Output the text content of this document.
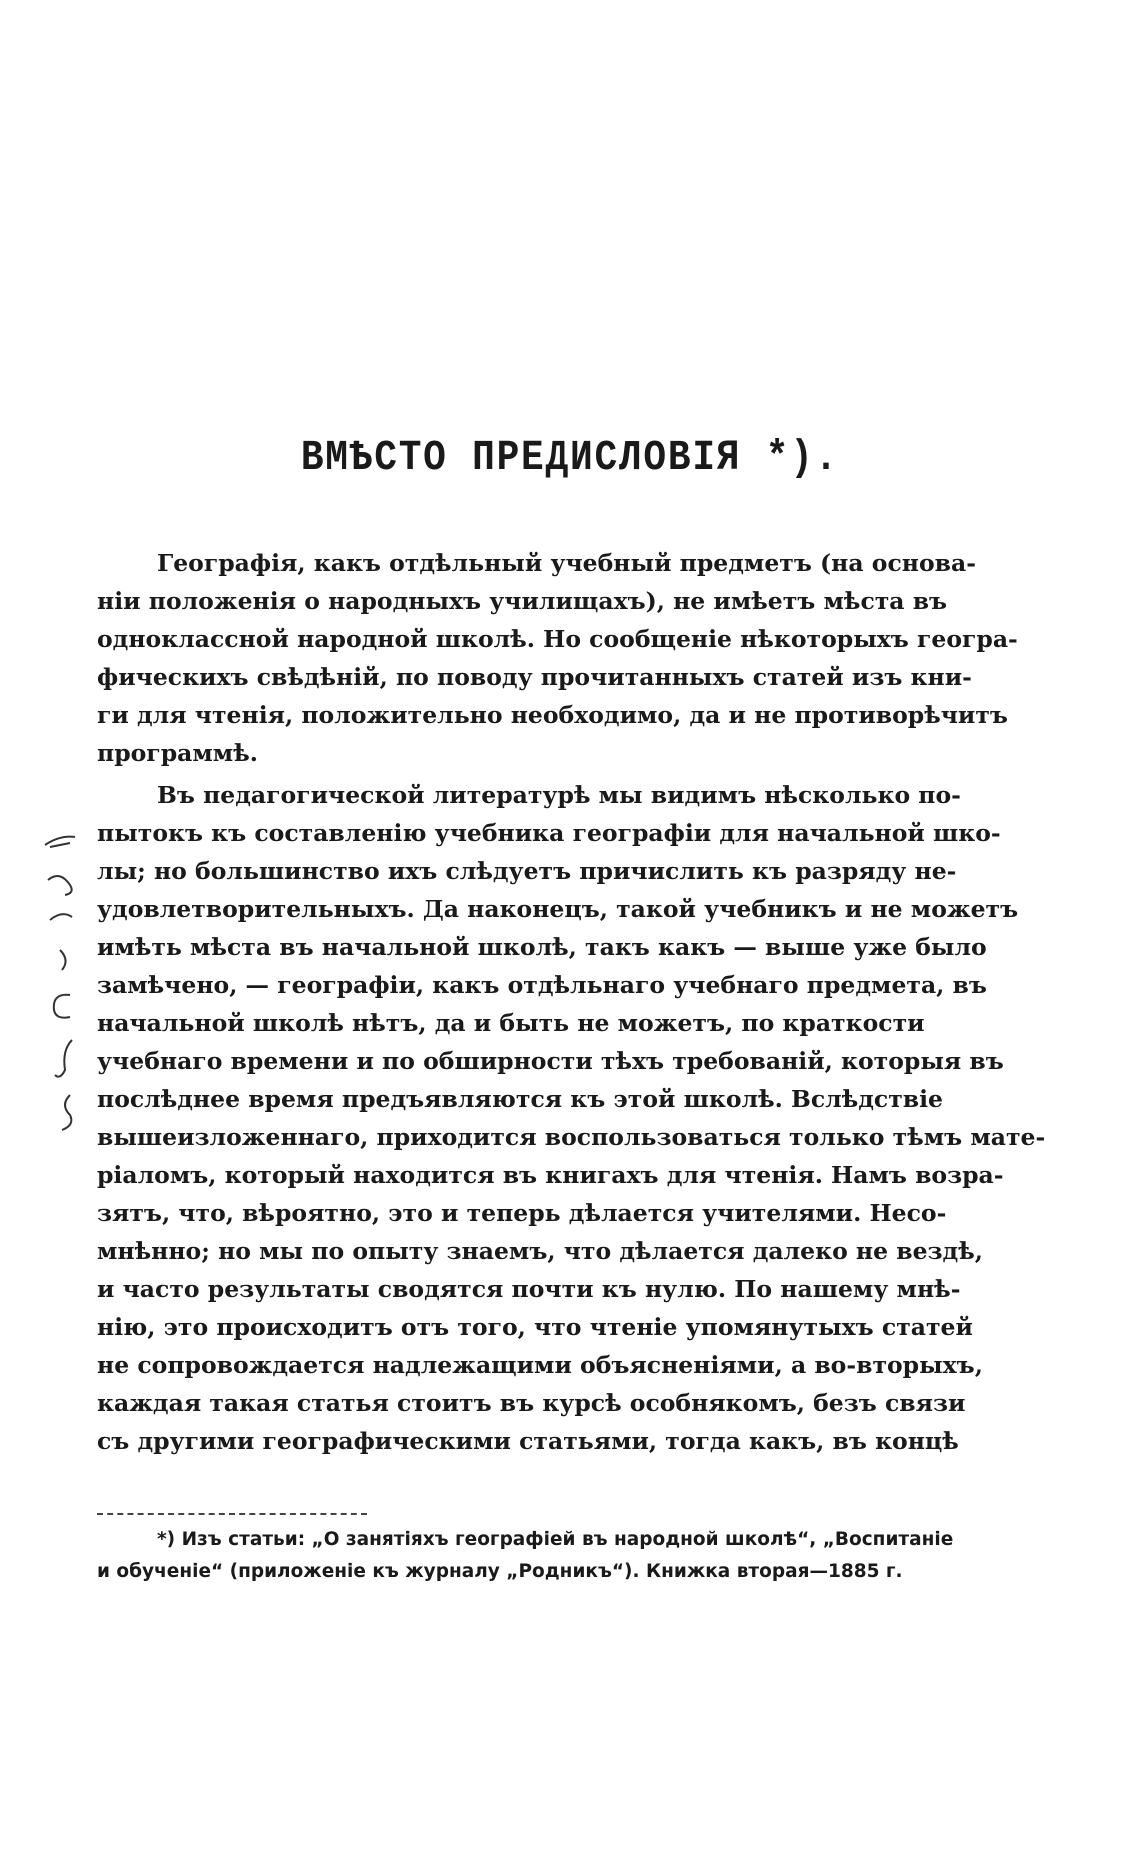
ВМѢСТО ПРЕДИСЛОВІЯ *).
Географія, какъ отдѣльный учебный предметъ (на основа-
ніи положенія о народныхъ училищахъ), не имѣетъ мѣста въ
одноклассной народной школѣ. Но сообщеніе нѣкоторыхъ геогра-
фическихъ свѣдѣній, по поводу прочитанныхъ статей изъ кни-
ги для чтенія, положительно необходимо, да и не противорѣчитъ
программѣ.
Въ педагогической литературѣ мы видимъ нѣсколько по-
пытокъ къ составленію учебника географіи для начальной шко-
лы; но большинство ихъ слѣдуетъ причислить къ разряду не-
удовлетворительныхъ. Да наконецъ, такой учебникъ и не можетъ
имѣть мѣста въ начальной школѣ, такъ какъ — выше уже было
замѣчено, — географіи, какъ отдѣльнаго учебнаго предмета, въ
начальной школѣ нѣтъ, да и быть не можетъ, по краткости
учебнаго времени и по обширности тѣхъ требованій, которыя въ
послѣднее время предъявляются къ этой школѣ. Вслѣдствіе
вышеизложеннаго, приходится воспользоваться только тѣмъ мате-
ріаломъ, который находится въ книгахъ для чтенія. Намъ возра-
зятъ, что, вѣроятно, это и теперь дѣлается учителями. Несо-
мнѣнно; но мы по опыту знаемъ, что дѣлается далеко не вездѣ,
и часто результаты сводятся почти къ нулю. По нашему мнѣ-
нію, это происходитъ отъ того, что чтеніе упомянутыхъ статей
не сопровождается надлежащими объясненіями, а во-вторыхъ,
каждая такая статья стоитъ въ курсѣ особнякомъ, безъ связи
съ другими географическими статьями, тогда какъ, въ концѣ
*) Изъ статьи: „О занятіяхъ географіей въ народной школѣ“, „Воспитаніе
и обученіе“ (приложеніе къ журналу „Родникъ“). Книжка вторая—1885 г.
